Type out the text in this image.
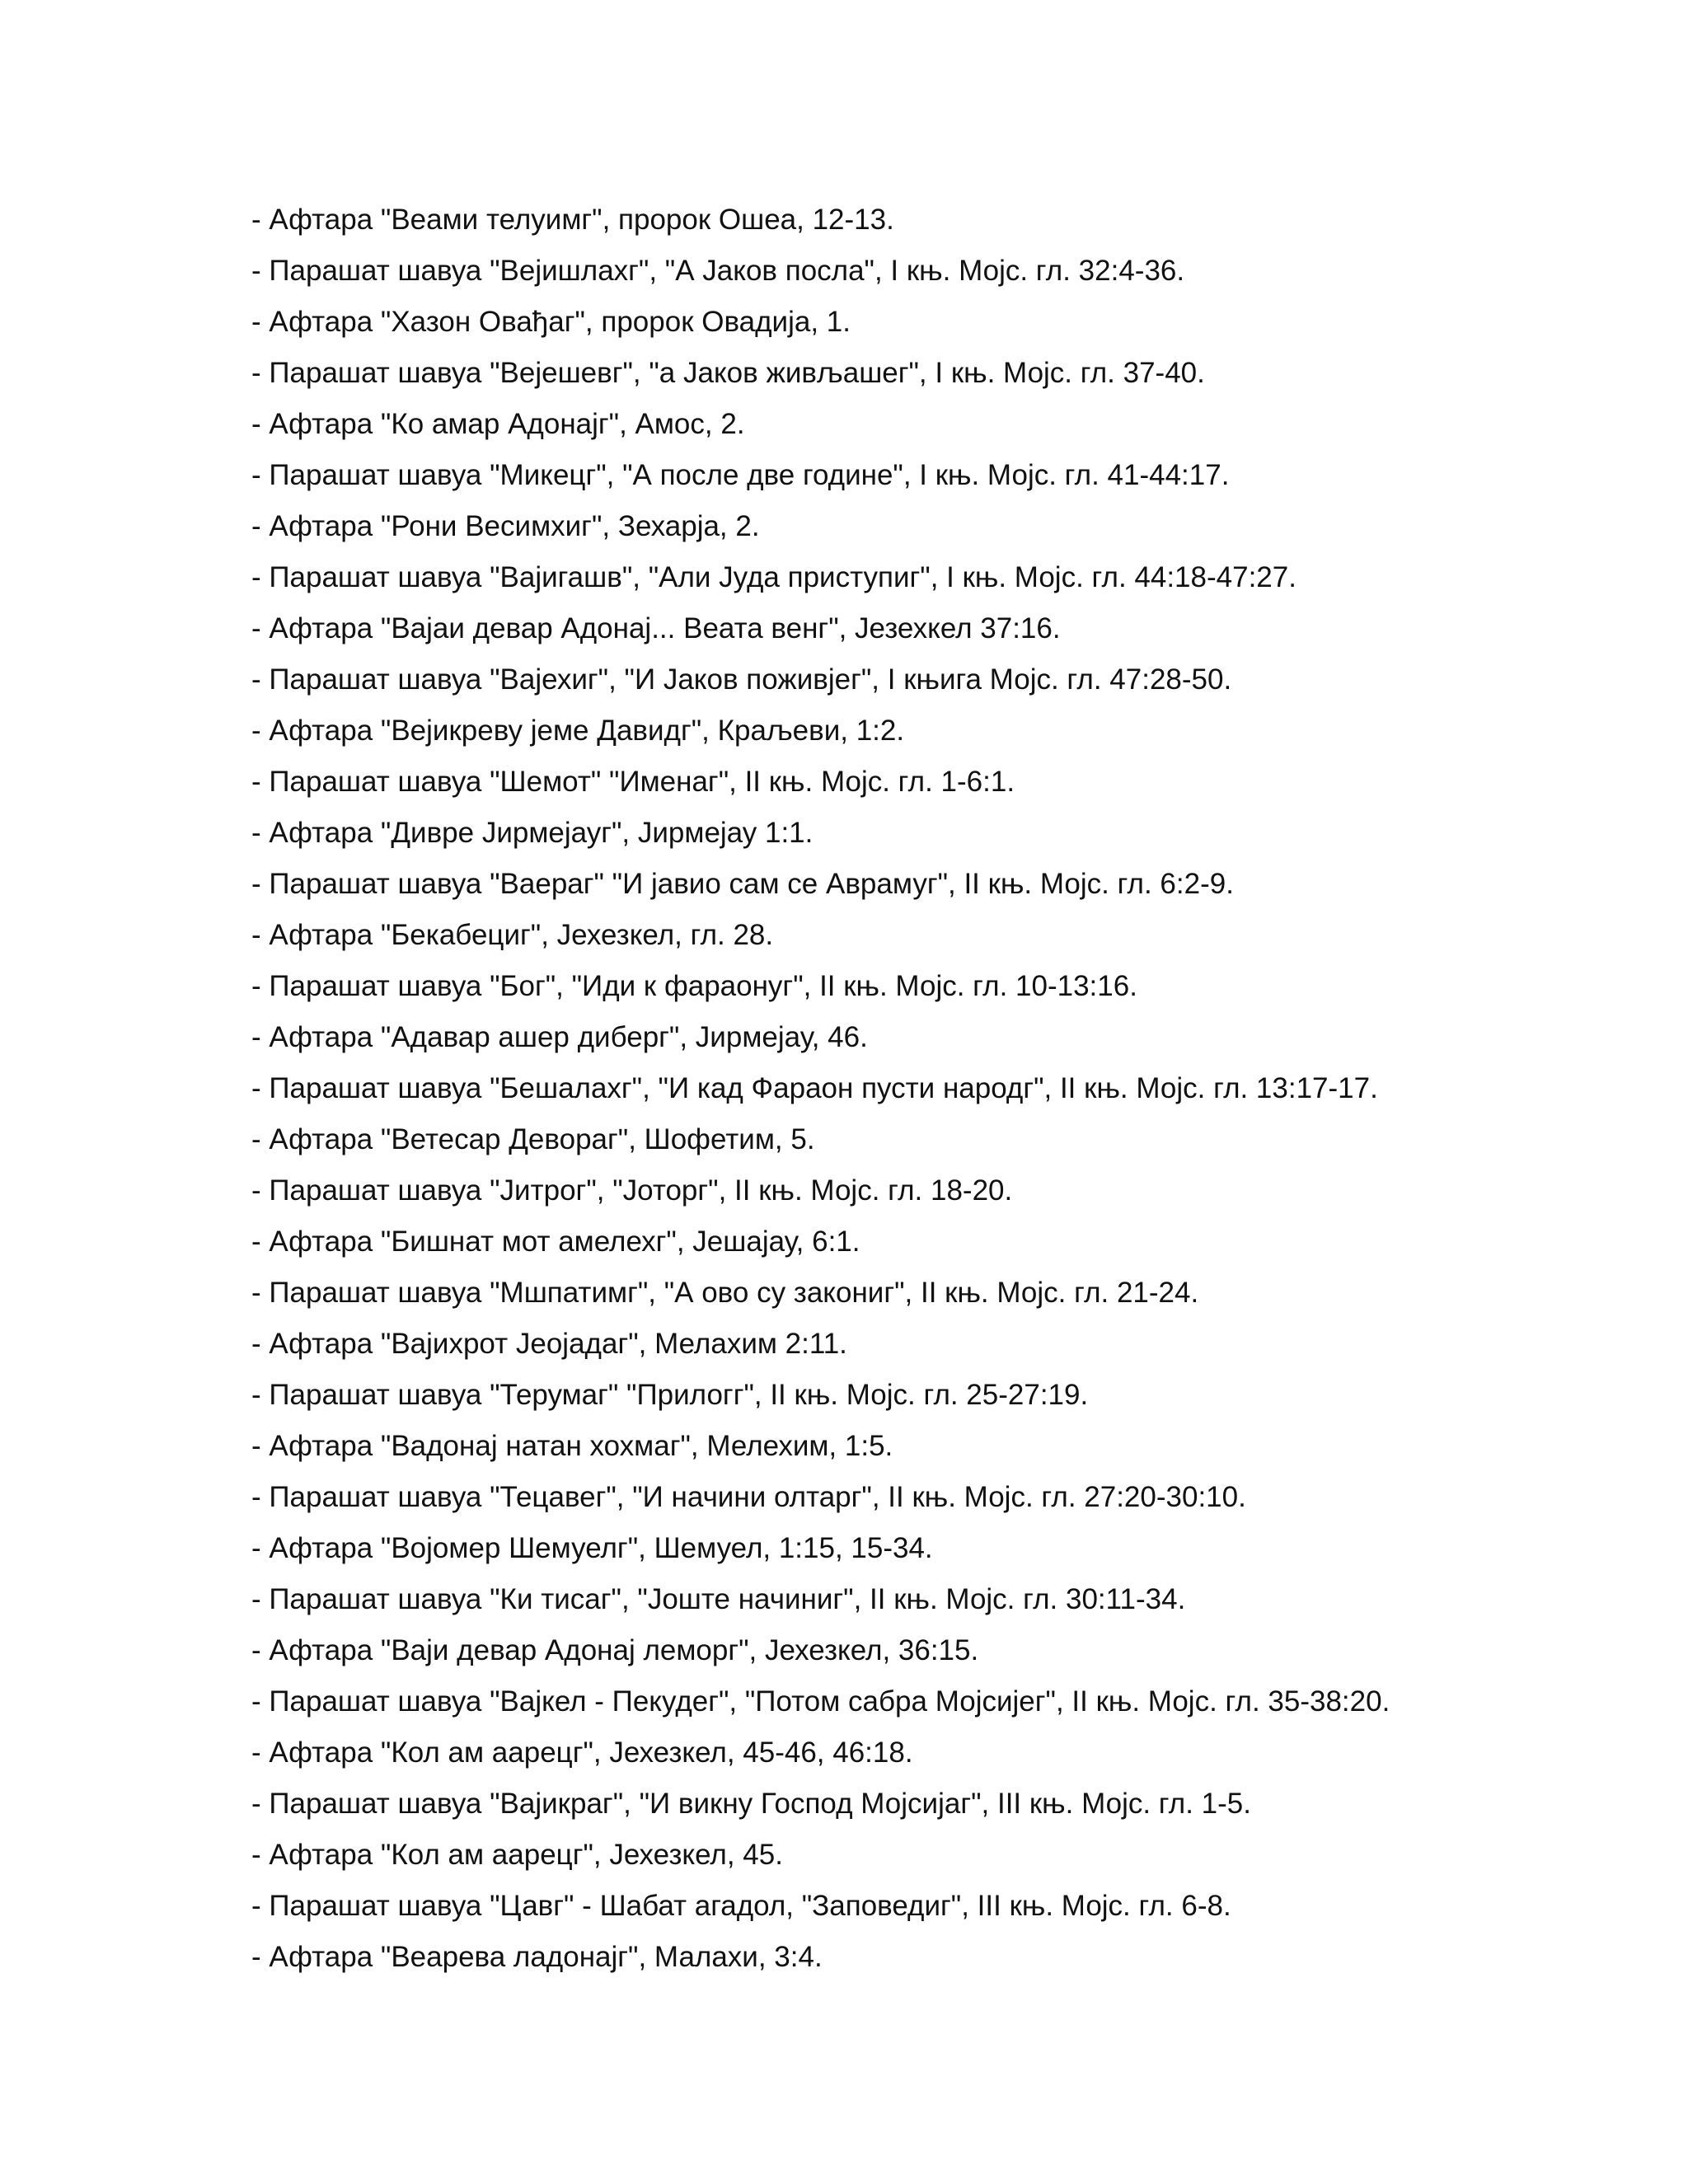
- Афтара "Веами телуимг", пророк Ошеа, 12-13.
- Парашат шавуа "Вејишлахг", "А Јаков посла", I књ. Мојс. гл. 32:4-36.
- Афтара "Хазон Овађаг", пророк Овадија, 1.
- Парашат шавуа "Вејешевг", "а Јаков живљашег", I књ. Мојс. гл. 37-40.
- Афтара "Ко амар Адонајг", Амос, 2.
- Парашат шавуа "Микецг", "А после две године", I књ. Мојс. гл. 41-44:17.
- Афтара "Рони Весимхиг", Зехарја, 2.
- Парашат шавуа "Вајигашв", "Али Јуда приступиг", I књ. Мојс. гл. 44:18-47:27.
- Афтара "Вајаи девар Адонај... Веата венг", Језехкел 37:16.
- Парашат шавуа "Вајехиг", "И Јаков поживјег", I књига Мојс. гл. 47:28-50.
- Афтара "Вејикреву јеме Давидг", Краљеви, 1:2.
- Парашат шавуа "Шемот" "Именаг", II књ. Мојс. гл. 1-6:1.
- Афтара "Дивре Јирмејауг", Јирмејау 1:1.
- Парашат шавуа "Ваераг" "И јавио сам се Аврамуг", II књ. Мојс. гл. 6:2-9.
- Афтара "Бекабециг", Јехезкел, гл. 28.
- Парашат шавуа "Бог", "Иди к фараонуг", II књ. Мојс. гл. 10-13:16.
- Афтара "Адавар ашер диберг", Јирмејау, 46.
- Парашат шавуа "Бешалахг", "И кад Фараон пусти народг", II књ. Мојс. гл. 13:17-17.
- Афтара "Ветесар Деворагʺ, Шофетим, 5.
- Парашат шавуа "Јитрог", "Јоторг", II књ. Мојс. гл. 18-20.
- Афтара "Бишнат мот амелехг", Јешајау, 6:1.
- Парашат шавуа "Мшпатимг", "А ово су закониг", II књ. Мојс. гл. 21-24.
- Афтара "Вајихрот Јеојадаг", Мелахим 2:11.
- Парашат шавуа "Терумаг" "Прилогг", II књ. Мојс. гл. 25-27:19.
- Афтара "Вадонај натан хохмаг", Мелехим, 1:5.
- Парашат шавуа "Тецавег", "И начини олтарг", II књ. Мојс. гл. 27:20-30:10.
- Афтара "Војомер Шемуелг", Шемуел, 1:15, 15-34.
- Парашат шавуа "Ки тисаг", "Јоште начиниг", II књ. Мојс. гл. 30:11-34.
- Афтара "Ваји девар Адонај леморг", Јехезкел, 36:15.
- Парашат шавуа "Вајкел - Пекудег", "Потом сабра Мојсијег", II књ. Мојс. гл. 35-38:20.
- Афтара "Кол ам аарецг", Јехезкел, 45-46, 46:18.
- Парашат шавуа "Вајикраг", "И викну Господ Мојсијаг", III књ. Мојс. гл. 1-5.
- Афтара "Кол ам аарецг", Јехезкел, 45.
- Парашат шавуа "Цавг" - Шабат агадол, "Заповедиг", III књ. Мојс. гл. 6-8.
- Афтара "Веарева ладонајг", Малахи, 3:4.
